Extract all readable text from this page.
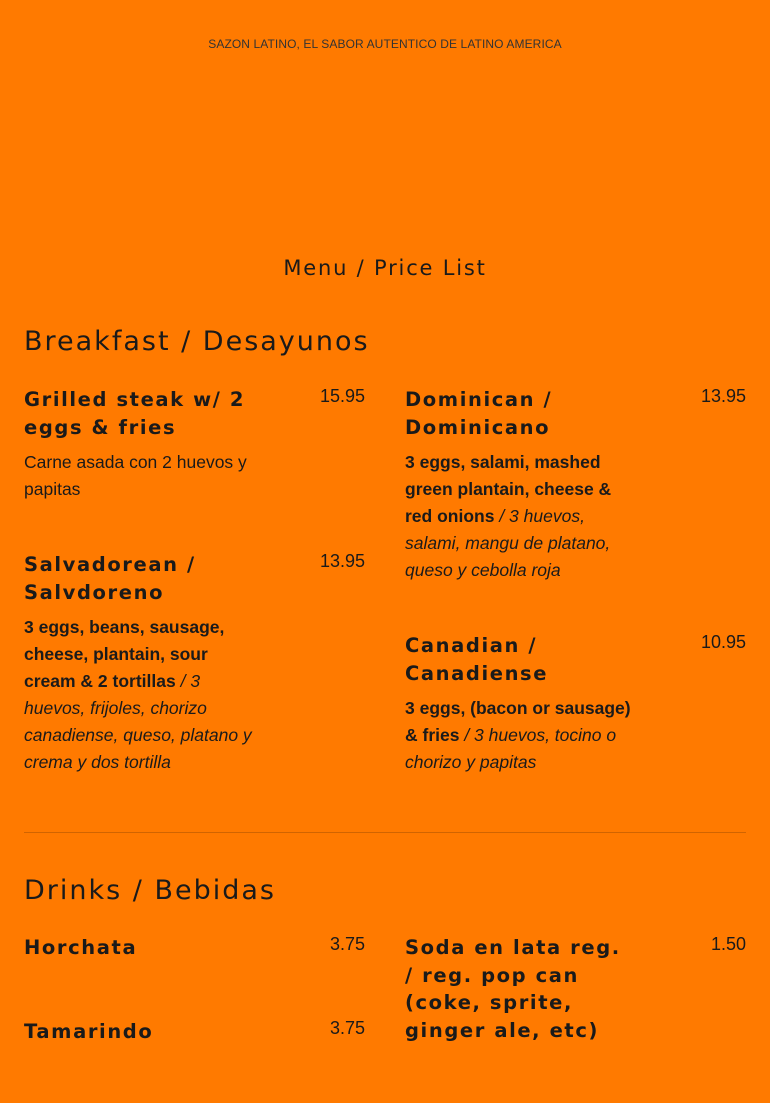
SAZON LATINO, EL SABOR AUTENTICO DE LATINO AMERICA
Menu / Price List
Breakfast / Desayunos
Grilled steak w/ 2 eggs & fries
15.95
Carne asada con 2 huevos y papitas
Dominican / Dominicano
13.95
3 eggs, salami, mashed green plantain, cheese & red onions / 3 huevos, salami, mangu de platano, queso y cebolla roja
Salvadorean / Salvdoreno
13.95
3 eggs, beans, sausage, cheese, plantain, sour cream & 2 tortillas / 3 huevos, frijoles, chorizo canadiense, queso, platano y crema y dos tortilla
Canadian / Canadiense
10.95
3 eggs, (bacon or sausage) & fries / 3 huevos, tocino o chorizo y papitas
Drinks / Bebidas
Horchata	3.75 Soda en lata reg. / reg. pop can (coke, sprite, ginger ale, etc)
1.50
Tamarindo	3.75
